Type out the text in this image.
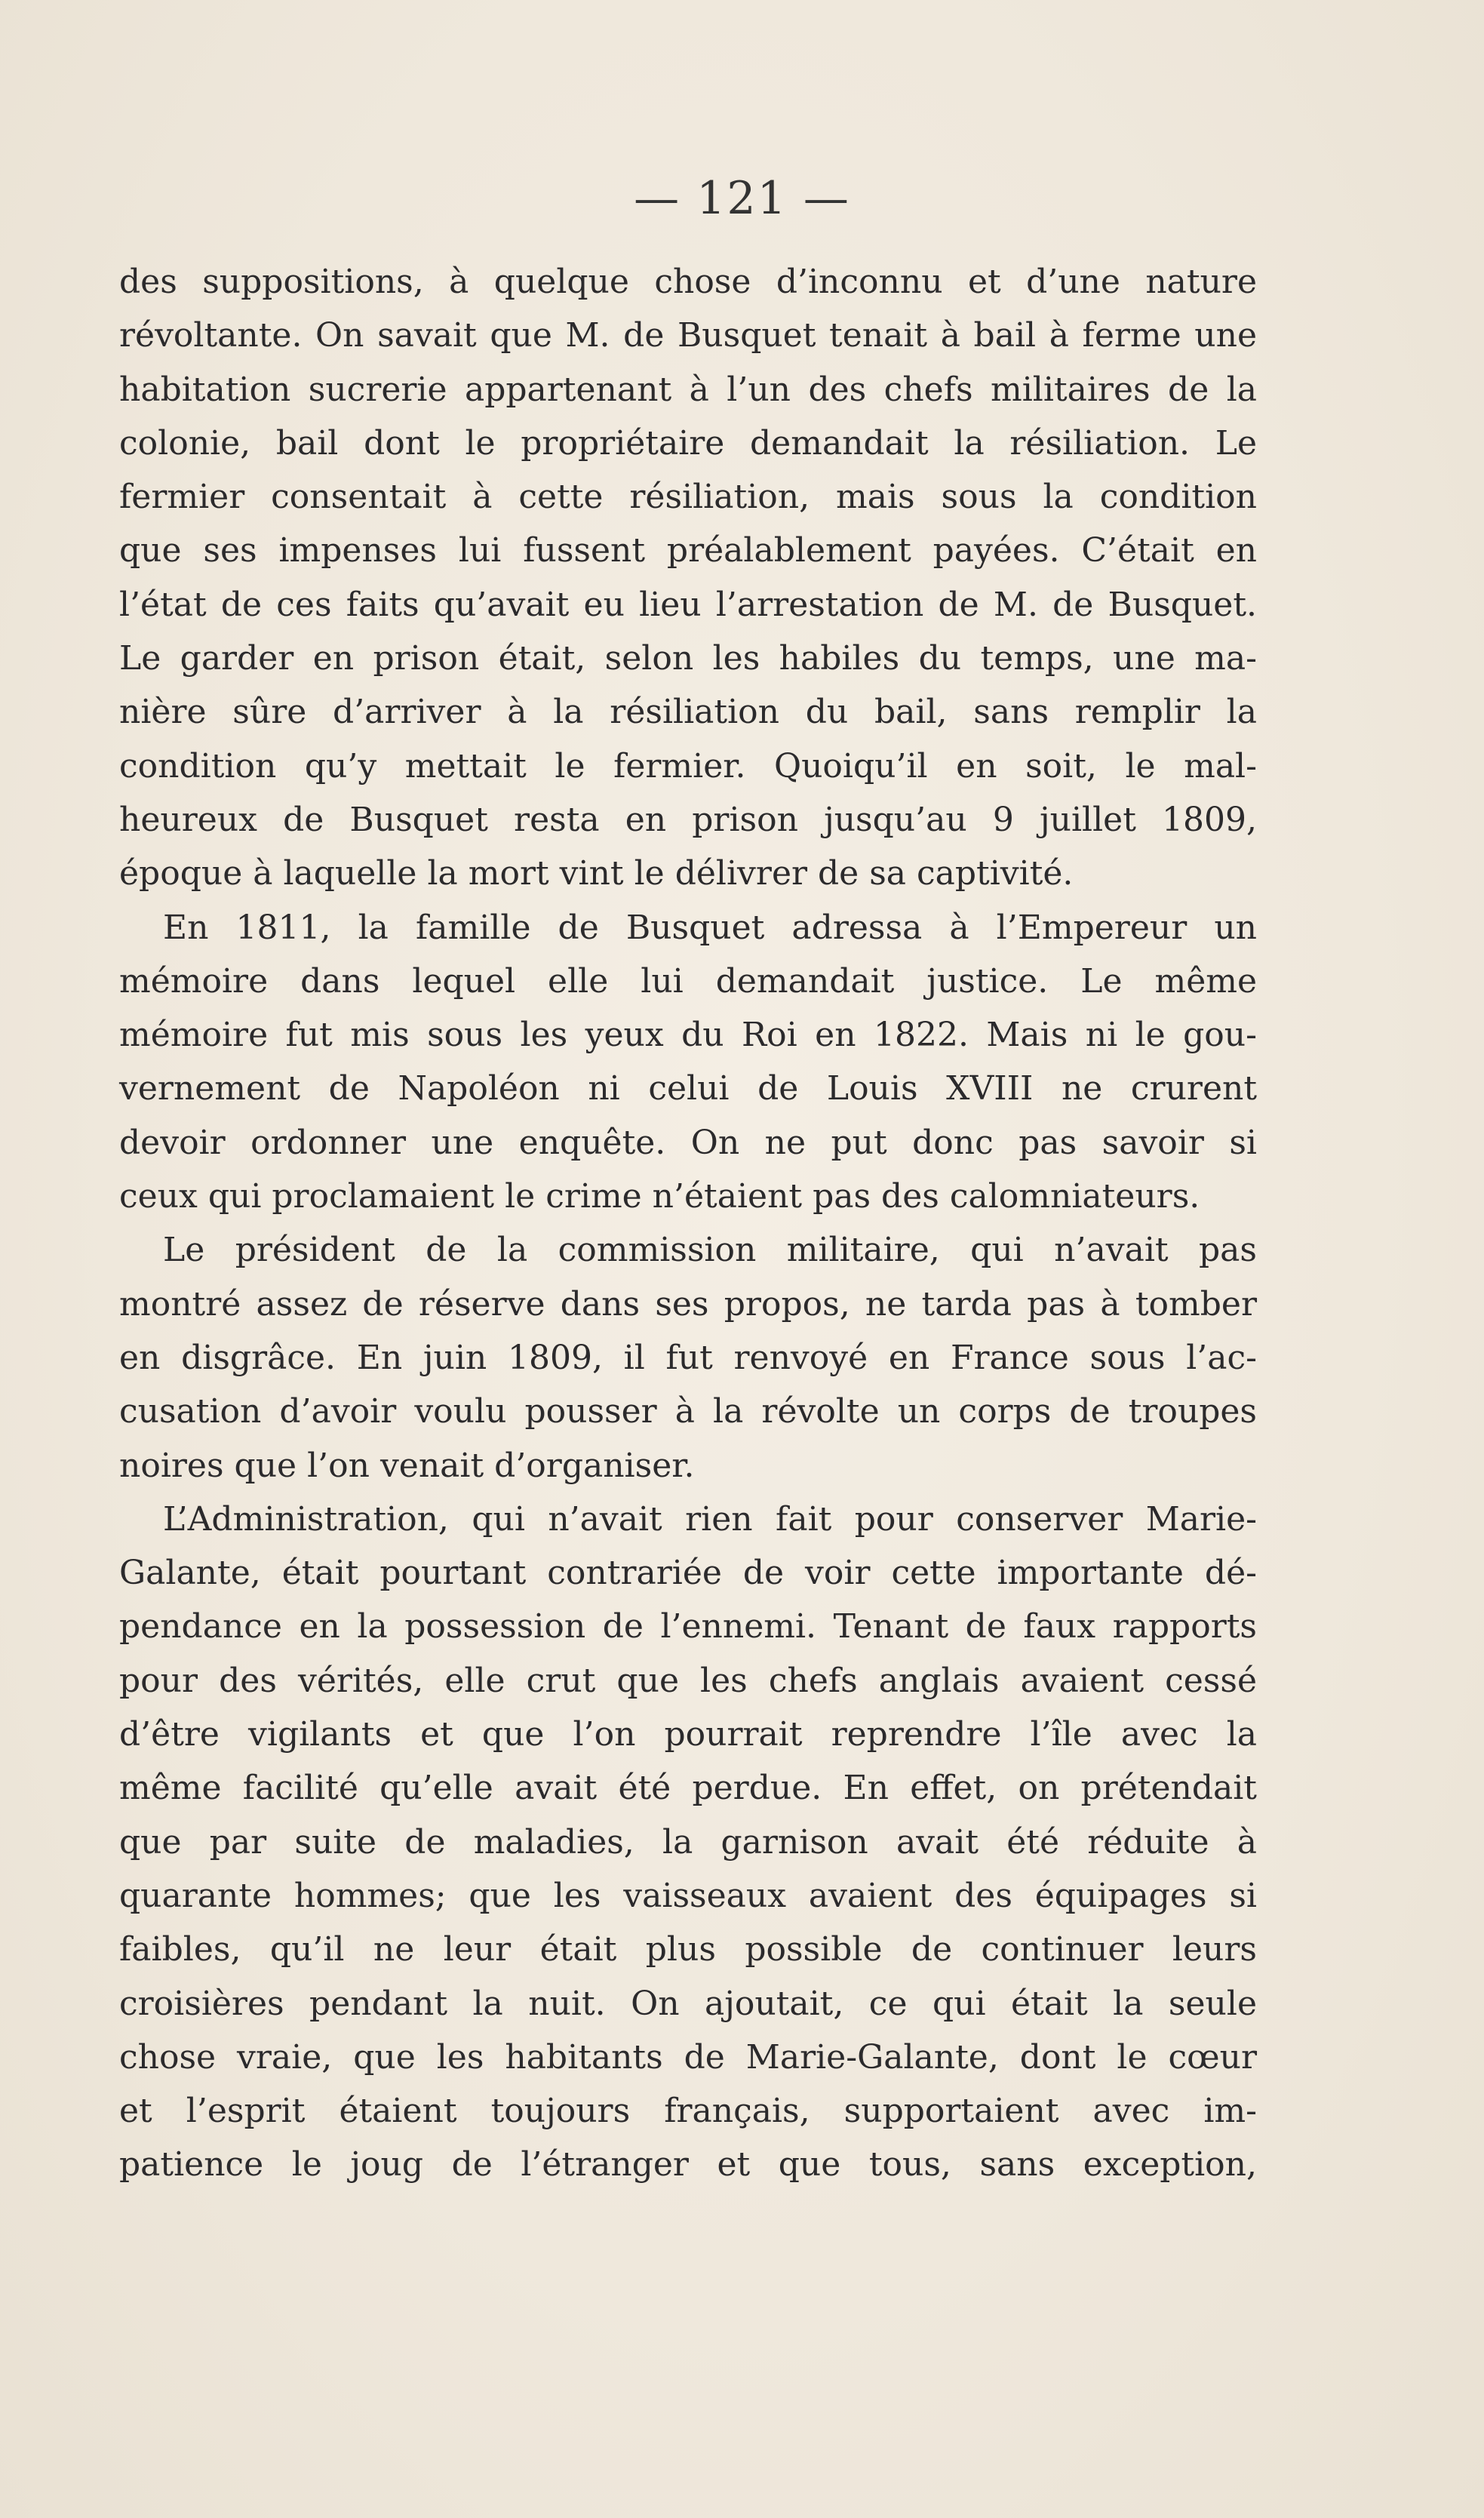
— 121 —
des suppositions, à quelque chose d’inconnu et d’une nature
révoltante. On savait que M. de Busquet tenait à bail à ferme une
habitation sucrerie appartenant à l’un des chefs militaires de la
colonie, bail dont le propriétaire demandait la résiliation. Le
fermier consentait à cette résiliation, mais sous la condition
que ses impenses lui fussent préalablement payées. C’était en
l’état de ces faits qu’avait eu lieu l’arrestation de M. de Busquet.
Le garder en prison était, selon les habiles du temps, une ma-
nière sûre d’arriver à la résiliation du bail, sans remplir la
condition qu’y mettait le fermier. Quoiqu’il en soit, le mal-
heureux de Busquet resta en prison jusqu’au 9 juillet 1809,
époque à laquelle la mort vint le délivrer de sa captivité.
En 1811, la famille de Busquet adressa à l’Empereur un
mémoire dans lequel elle lui demandait justice. Le même
mémoire fut mis sous les yeux du Roi en 1822. Mais ni le gou-
vernement de Napoléon ni celui de Louis XVIII ne crurent
devoir ordonner une enquête. On ne put donc pas savoir si
ceux qui proclamaient le crime n’étaient pas des calomniateurs.
Le président de la commission militaire, qui n’avait pas
montré assez de réserve dans ses propos, ne tarda pas à tomber
en disgrâce. En juin 1809, il fut renvoyé en France sous l’ac-
cusation d’avoir voulu pousser à la révolte un corps de troupes
noires que l’on venait d’organiser.
L’Administration, qui n’avait rien fait pour conserver Marie-
Galante, était pourtant contrariée de voir cette importante dé-
pendance en la possession de l’ennemi. Tenant de faux rapports
pour des vérités, elle crut que les chefs anglais avaient cessé
d’être vigilants et que l’on pourrait reprendre l’île avec la
même facilité qu’elle avait été perdue. En effet, on prétendait
que par suite de maladies, la garnison avait été réduite à
quarante hommes; que les vaisseaux avaient des équipages si
faibles, qu’il ne leur était plus possible de continuer leurs
croisières pendant la nuit. On ajoutait, ce qui était la seule
chose vraie, que les habitants de Marie-Galante, dont le cœur
et l’esprit étaient toujours français, supportaient avec im-
patience le joug de l’étranger et que tous, sans exception,
